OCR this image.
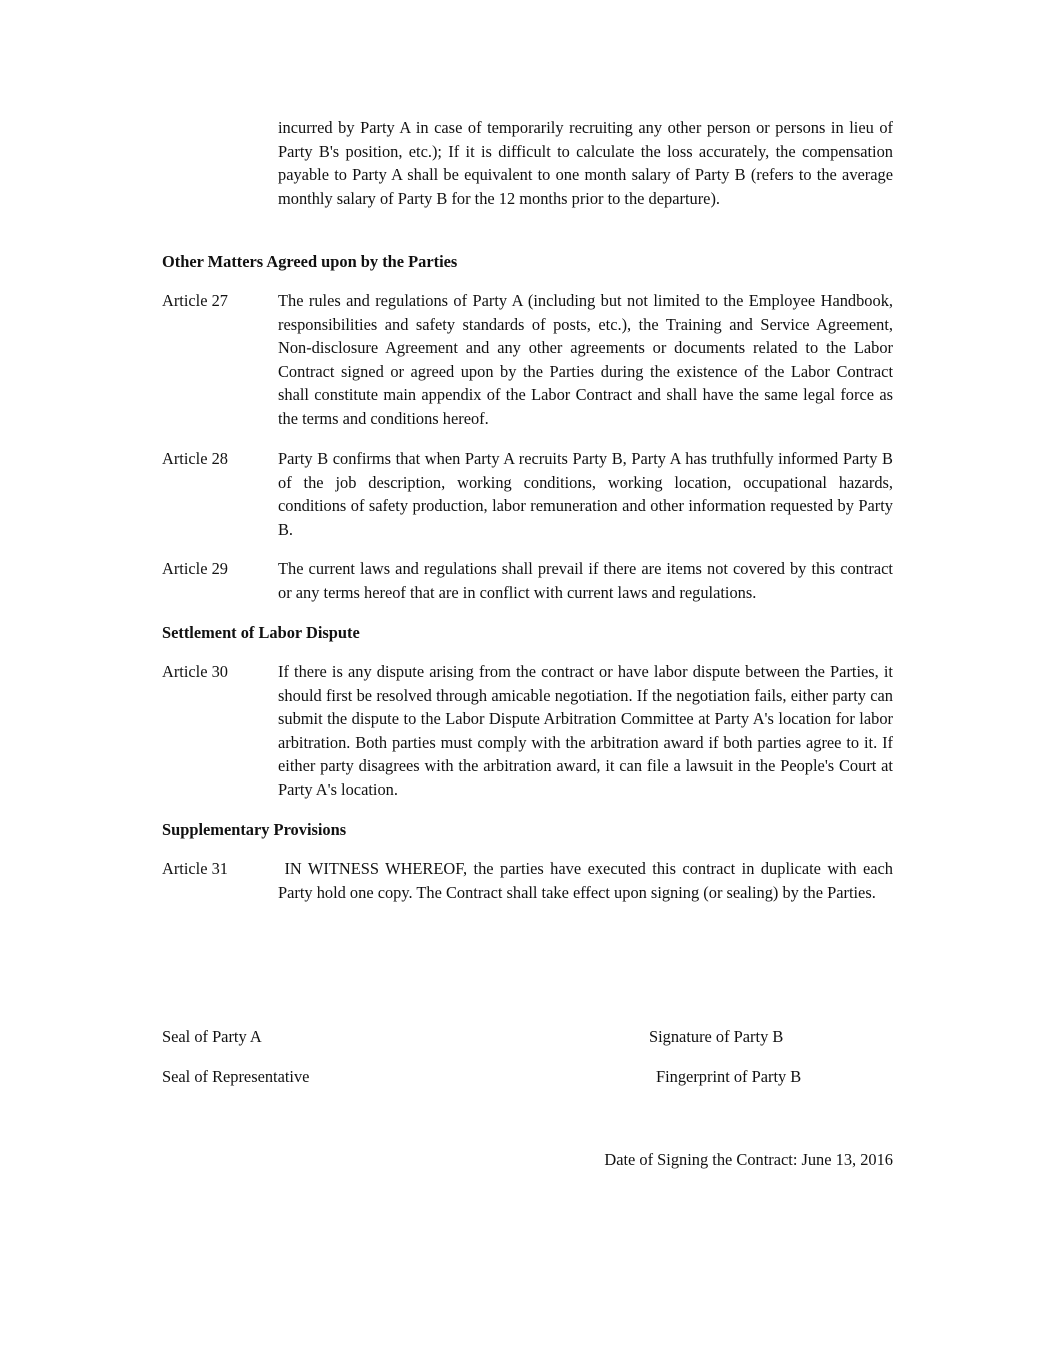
incurred by Party A in case of temporarily recruiting any other person or persons in lieu of Party B's position, etc.); If it is difficult to calculate the loss accurately, the compensation payable to Party A shall be equivalent to one month salary of Party B (refers to the average monthly salary of Party B for the 12 months prior to the departure).

Other Matters Agreed upon by the Parties

Article 27	The rules and regulations of Party A (including but not limited to the Employee Handbook,     responsibilities and safety standards of posts, etc.), the Training and Service Agreement, Non-disclosure Agreement and any other agreements or documents related to the Labor Contract signed or agreed upon by the Parties during the existence of the Labor Contract shall constitute main appendix of the Labor Contract and shall have the same legal force as the terms and conditions hereof.

Article 28	Party B confirms that when Party A recruits Party B, Party A has truthfully informed Party B of the job description, working conditions, working location, occupational hazards, conditions of safety production, labor remuneration and other information requested by Party B.

Article 29	The current laws and regulations shall prevail if there are items not covered by this contract or any terms hereof that are in conflict with current laws and regulations.

Settlement of Labor Dispute

Article 30	If there is any dispute arising from the contract or have labor dispute between the Parties, it should first be resolved through amicable negotiation. If the negotiation fails, either party can submit the dispute to the Labor Dispute Arbitration Committee at Party A's location for labor arbitration. Both parties must comply with the arbitration award if both parties agree to it. If either party disagrees with the arbitration award, it can file a lawsuit in the People's Court at Party A's location.

Supplementary Provisions

Article 31	IN WITNESS WHEREOF, the parties have executed this contract in duplicate with each Party hold one copy. The Contract shall take effect upon signing (or sealing) by the Parties.

Seal of Party A	Signature of Party B

Seal of Representative	Fingerprint of Party B

Date of Signing the Contract: June 13, 2016
